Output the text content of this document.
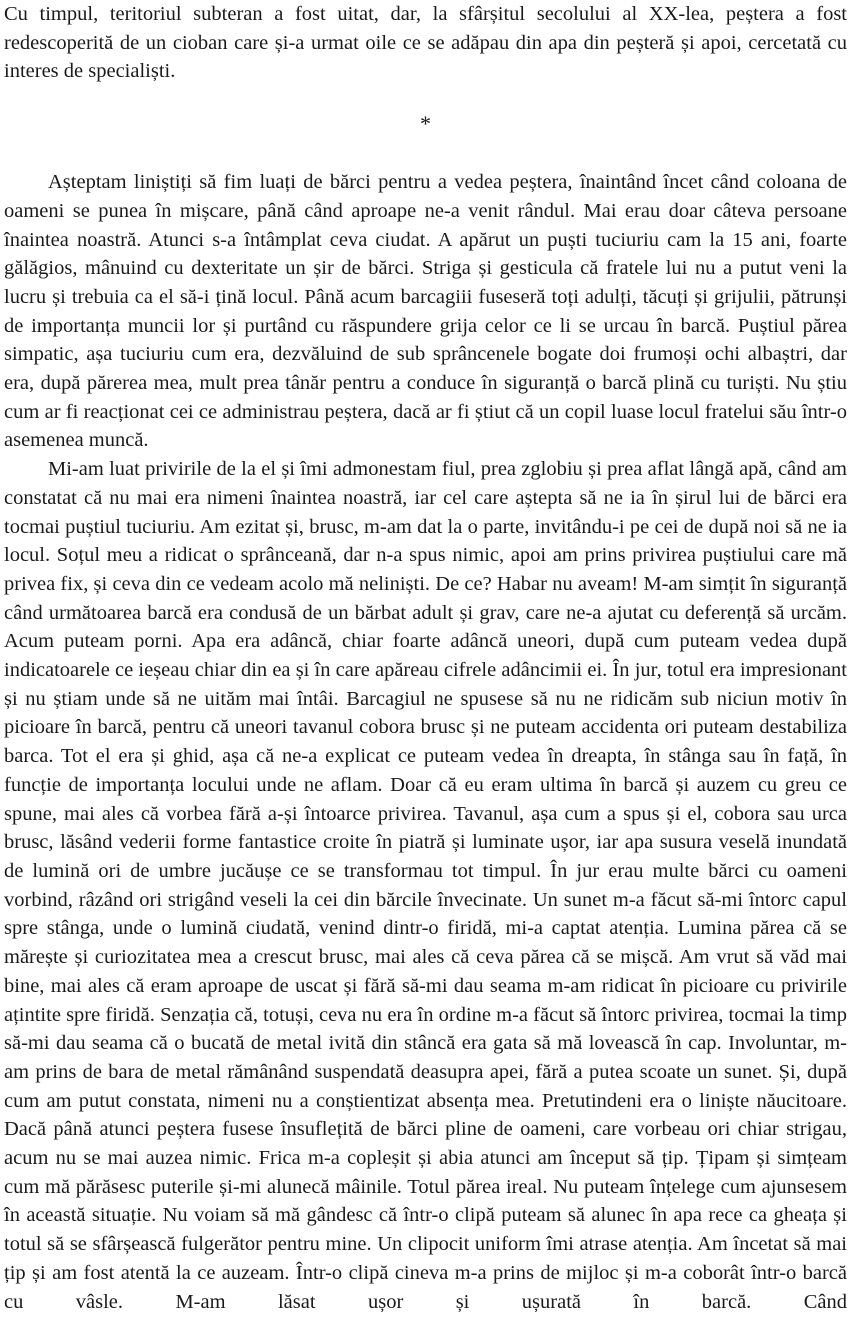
Cu timpul, teritoriul subteran a fost uitat, dar, la sfârșitul secolului al XX-lea, peștera a fost redescoperită de un cioban care și-a urmat oile ce se adăpau din apa din peșteră și apoi, cercetată cu interes de specialiști.

*

Așteptam liniștiți să fim luați de bărci pentru a vedea peștera, înaintând încet când coloana de oameni se punea în mișcare, până când aproape ne-a venit rândul. Mai erau doar câteva persoane înaintea noastră. Atunci s-a întâmplat ceva ciudat. A apărut un puști tuciuriu cam la 15 ani, foarte gălăgios, mânuind cu dexteritate un șir de bărci. Striga și gesticula că fratele lui nu a putut veni la lucru și trebuia ca el să-i țină locul. Până acum barcagiii fuseseră toți adulți, tăcuți și grijulii, pătrunși de importanța muncii lor și purtând cu răspundere grija celor ce li se urcau în barcă. Puștiul părea simpatic, așa tuciuriu cum era, dezvăluind de sub sprâncenele bogate doi frumoși ochi albaștri, dar era, după părerea mea, mult prea tânăr pentru a conduce în siguranță o barcă plină cu turiști. Nu știu cum ar fi reacționat cei ce administrau peștera, dacă ar fi știut că un copil luase locul fratelui său într-o asemenea muncă.

Mi-am luat privirile de la el și îmi admonestam fiul, prea zglobiu și prea aflat lângă apă, când am constatat că nu mai era nimeni înaintea noastră, iar cel care aștepta să ne ia în șirul lui de bărci era tocmai puștiul tuciuriu. Am ezitat și, brusc, m-am dat la o parte, invitându-i pe cei de după noi să ne ia locul. Soțul meu a ridicat o sprânceană, dar n-a spus nimic, apoi am prins privirea puștiului care mă privea fix, și ceva din ce vedeam acolo mă neliniști. De ce? Habar nu aveam! M-am simțit în siguranță când următoarea barcă era condusă de un bărbat adult și grav, care ne-a ajutat cu deferență să urcăm. Acum puteam porni. Apa era adâncă, chiar foarte adâncă uneori, după cum puteam vedea după indicatoarele ce ieșeau chiar din ea și în care apăreau cifrele adâncimii ei. În jur, totul era impresionant și nu știam unde să ne uităm mai întâi. Barcagiul ne spusese să nu ne ridicăm sub niciun motiv în picioare în barcă, pentru că uneori tavanul cobora brusc și ne puteam accidenta ori puteam destabiliza barca. Tot el era și ghid, așa că ne-a explicat ce puteam vedea în dreapta, în stânga sau în față, în funcție de importanța locului unde ne aflam. Doar că eu eram ultima în barcă și auzem cu greu ce spune, mai ales că vorbea fără a-și întoarce privirea. Tavanul, așa cum a spus și el, cobora sau urca brusc, lăsând vederii forme fantastice croite în piatră și luminate ușor, iar apa susura veselă inundată de lumină ori de umbre jucăușe ce se transformau tot timpul. În jur erau multe bărci cu oameni vorbind, râzând ori strigând veseli la cei din bărcile învecinate. Un sunet m-a făcut să-mi întorc capul spre stânga, unde o lumină ciudată, venind dintr-o firidă, mi-a captat atenția. Lumina părea că se mărește și curiozitatea mea a crescut brusc, mai ales că ceva părea că se mișcă. Am vrut să văd mai bine, mai ales că eram aproape de uscat și fără să-mi dau seama m-am ridicat în picioare cu privirile ațintite spre firidă. Senzația că, totuși, ceva nu era în ordine m-a făcut să întorc privirea, tocmai la timp să-mi dau seama că o bucată de metal ivită din stâncă era gata să mă lovească în cap. Involuntar, m-am prins de bara de metal rămânând suspendată deasupra apei, fără a putea scoate un sunet. Și, după cum am putut constata, nimeni nu a conștientizat absența mea. Pretutindeni era o liniște năucitoare. Dacă până atunci peștera fusese însuflețită de bărci pline de oameni, care vorbeau ori chiar strigau, acum nu se mai auzea nimic. Frica m-a copleșit și abia atunci am început să țip. Țipam și simțeam cum mă părăsesc puterile și-mi alunecă mâinile. Totul părea ireal. Nu puteam înțelege cum ajunsesem în această situație. Nu voiam să mă gândesc că într-o clipă puteam să alunec în apa rece ca gheața și totul să se sfârșească fulgerător pentru mine. Un clipocit uniform îmi atrase atenția. Am încetat să mai țip și am fost atentă la ce auzeam. Într-o clipă cineva m-a prins de mijloc și m-a coborât într-o barcă cu vâsle. M-am lăsat ușor și ușurată în barcă. Când
